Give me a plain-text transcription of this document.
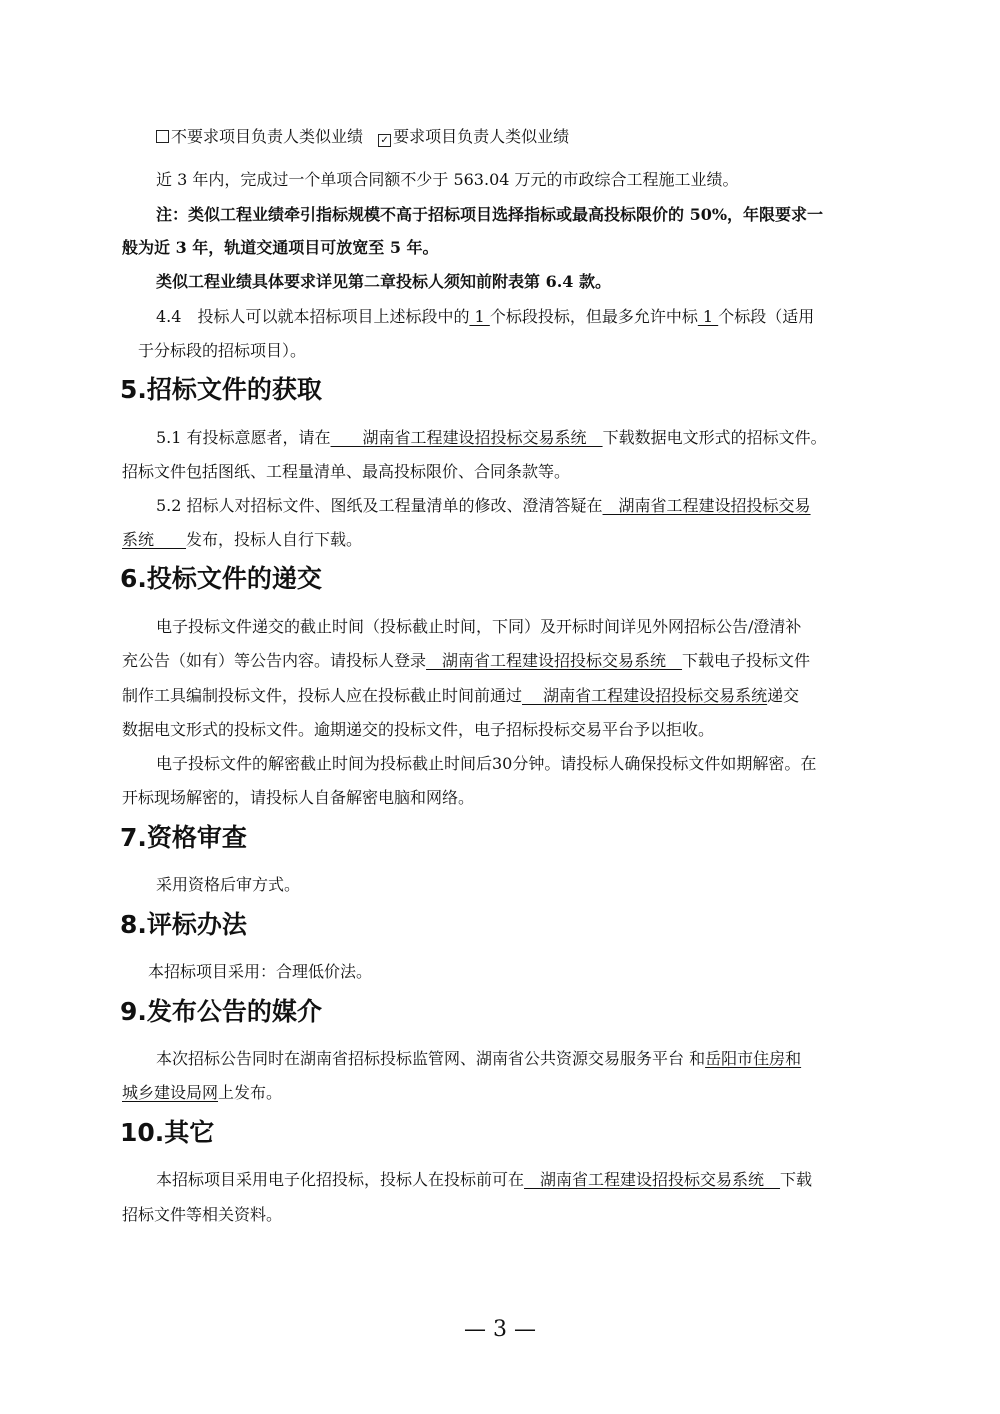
不要求项目负责人类似业绩 ✓ 要求项目负责人类似业绩
近 3 年内，完成过一个单项合同额不少于 563.04 万元的市政综合工程施工业绩。
注：类似工程业绩牵引指标规模不高于招标项目选择指标或最高投标限价的 50%，年限要求一
般为近 3 年，轨道交通项目可放宽至 5 年。
类似工程业绩具体要求详见第二章投标人须知前附表第 6.4 款。
4.4　投标人可以就本招标项目上述标段中的 1 个标段投标，但最多允许中标 1 个标段（适用
于分标段的招标项目）。
5.招标文件的获取
5.1 有投标意愿者，请在　　湖南省工程建设招投标交易系统　下载数据电文形式的招标文件。
招标文件包括图纸、工程量清单、最高投标限价、合同条款等。
5.2 招标人对招标文件、图纸及工程量清单的修改、澄清答疑在　湖南省工程建设招投标交易
系统　　发布，投标人自行下载。
6.投标文件的递交
电子投标文件递交的截止时间（投标截止时间，下同）及开标时间详见外网招标公告/澄清补
充公告（如有）等公告内容。请投标人登录　湖南省工程建设招投标交易系统　下载电子投标文件
制作工具编制投标文件，投标人应在投标截止时间前通过　 湖南省工程建设招投标交易系统递交
数据电文形式的投标文件。逾期递交的投标文件，电子招标投标交易平台予以拒收。
电子投标文件的解密截止时间为投标截止时间后30分钟。请投标人确保投标文件如期解密。在
开标现场解密的，请投标人自备解密电脑和网络。
7.资格审查
采用资格后审方式。
8.评标办法
本招标项目采用：合理低价法。
9.发布公告的媒介
本次招标公告同时在湖南省招标投标监管网、湖南省公共资源交易服务平台 和岳阳市住房和
城乡建设局网上发布。
10.其它
本招标项目采用电子化招投标，投标人在投标前可在　湖南省工程建设招投标交易系统　下载
招标文件等相关资料。
— 3 —
